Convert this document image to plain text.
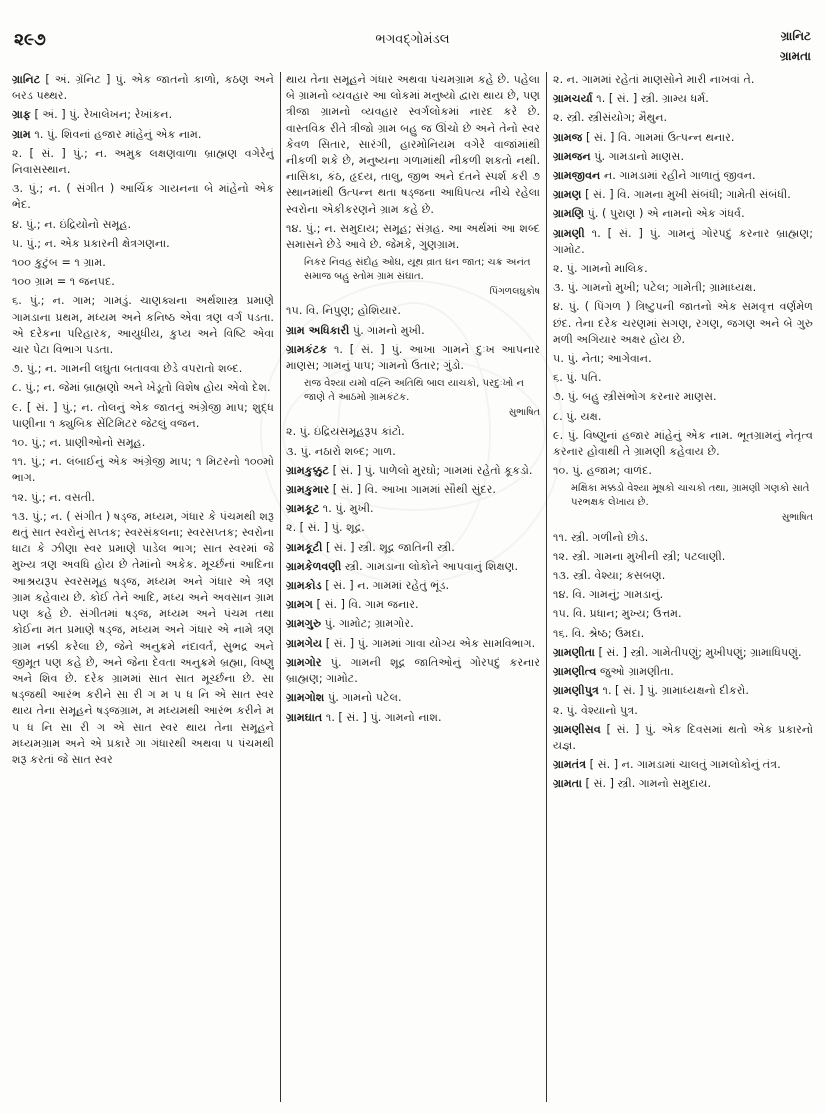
૨૯૭	ભગવદ્ગોમંડલ	ગ્રાનિટ
ગ્રામતા

ગ્રાનિટ [ અં. ગ્રૅનિટ ] પું. એક જાતનો કાળો, કઠણ અને બરડ પથ્થર.

ગ્રાફ [ અં. ] પું. રેખાલેખન; રેખાંકન.

ગ્રામ ૧. પું. શિવનાં હજાર માંહેનું એક નામ.

૨. [ સં. ] પું.; ન. અમુક લક્ષણવાળા બ્રાહ્મણ વગેરેનું નિવાસસ્થાન.

૩. પું.; ન. ( સંગીત ) આર્ચિક ગાયનના બે માંહેનો એક ભેદ.

૪. પું.; ન. ઇંદ્રિયોનો સમૂહ.

૫. પું.; ન. એક પ્રકારની ક્ષેત્રગણના.

૧૦૦ કુટુંબ = ૧ ગ્રામ.

૧૦૦ ગ્રામ = ૧ જનપદ.

૬. પું.; ન. ગામ; ગામડું. ચાણક્યના અર્થશાસ્ત્ર પ્રમાણે ગામડાના પ્રથમ, મધ્યમ અને કનિષ્ઠ એવા ત્રણ વર્ગ પડતા. એ દરેકના પરિહારક, આયુધીય, કુપ્ય અને વિષ્ટિ એવા ચાર પેટા વિભાગ પડતા.

૭. પું.; ન. ગામની લઘુતા બતાવવા છેડે વપરાતો શબ્દ.

૮. પું.; ન. જેમાં બ્રાહ્મણો અને ખેડૂતો વિશેષ હોય એવો દેશ.

૯. [ સં. ] પું.; ન. તોલનું એક જાતનું અંગ્રેજી માપ; શુદ્ધ પાણીના ૧ ક્યુબિક સેંટિમિટર જેટલું વજન.

૧૦. પું.; ન. પ્રાણીઓનો સમૂહ.

૧૧. પું.; ન. લંબાઈનું એક અંગ્રેજી માપ; ૧ મિટરનો ૧૦૦મો ભાગ.

૧૨. પું.; ન. વસતી.

૧૩. પું.; ન. ( સંગીત ) ષડ્જ, મધ્યમ, ગંધાર કે પંચમથી શરૂ થતું સાત સ્વરોનું સપ્તક; સ્વરસંકલના; સ્વરસપ્તક; સ્વરોના ધાટા કે ઝીણા સ્વર પ્રમાણે પાડેલ ભાગ; સાત સ્વરમાં જે મુખ્ય ત્રણ અવધિ હોય છે તેમાંનો અકેક. મૂર્ચ્છનાં આદિના આશ્રયરૂપ સ્વરસમૂહ ષડ્જ, મધ્યમ અને ગંધાર એ ત્રણ ગ્રામ કહેવાય છે. કોઈ તેને આદિ, મધ્ય અને અવસાન ગ્રામ પણ કહે છે. સંગીતમાં ષડ્જ, મધ્યમ અને પંચમ તથા કોઈના મત પ્રમાણે ષડ્જ, મધ્યમ અને ગંધાર એ નામે ત્રણ ગ્રામ નક્કી કરેલા છે, જેને અનુક્રમે નંદાવર્ત, સુભદ્ર અને જીમૂત પણ કહે છે, અને જેના દેવતા અનુક્રમે બ્રહ્મા, વિષ્ણુ અને શિવ છે. દરેક ગ્રામમાં સાત સાત મૂર્ચ્છના છે. સા ષડ્જથી આરંભ કરીને સા રી ગ મ પ ધ નિ એ સાત સ્વર થાય તેના સમૂહને ષડ્જગ્રામ, મ મધ્યમથી આરંભ કરીને મ પ ધ નિ સા રી ગ એ સાત સ્વર થાય તેના સમૂહને મધ્યમગ્રામ અને એ પ્રકારે ગા ગંધારથી અથવા પ પંચમથી શરૂ કરતાં જે સાત સ્વર

થાય તેના સમૂહને ગંધાર અથવા પંચમગ્રામ કહે છે. પહેલા બે ગ્રામનો વ્યવહાર આ લોકમાં મનુષ્યો દ્વારા થાય છે, પણ ત્રીજા ગ્રામનો વ્યવહાર સ્વર્ગલોકમાં નારદ કરે છે. વાસ્તવિક રીતે ત્રીજો ગ્રામ બહુ જ ઊંચો છે અને તેનો સ્વર કેવળ સિતાર, સારંગી, હારમોનિયમ વગેરે વાજાંમાંથી નીકળી શકે છે, મનુષ્યના ગળામાંથી નીકળી શકતો નથી. નાસિકા, કંઠ, હૃદય, તાલુ, જીભ અને દંતને સ્પર્શ કરી ૭ સ્થાનમાંથી ઉત્પન્ન થતા ષડ્જના આધિપત્ય નીચે રહેલા સ્વરોના એકીકરણને ગ્રામ કહે છે.

૧૪. પું.; ન. સમુદાય; સમૂહ; સંગ્રહ. આ અર્થમાં આ શબ્દ સમાસને છેડે આવે છે. જેમકે, ગુણગ્રામ.

નિકર નિવહ સંદોહ ઓઘ, યૂથ વ્રાત ઘન જાત; ચક્ર અનંત સમાજ બહુ સ્તોમ ગ્રામ સંઘાત.

પિંગળલઘુકોષ

૧૫. વિ. નિપુણ; હોશિયાર.

ગ્રામ અધિકારી પું. ગામનો મુખી.

ગ્રામકંટક ૧. [ સં. ] પું. આખા ગામને દુઃખ આપનાર માણસ; ગામનું પાપ; ગામનો ઉતાર; ગુંડો.

રાજ વેશ્યા યમો વહ્નિ અતિથિ બાલ યાચકો, પરદુઃખો ન જાણે તે આઠમો ગ્રામકંટક.

સુભાષિત

૨. પું. ઇંદ્રિયસમૂહરૂપ કાંટો.

૩. પું. નઠારો શબ્દ; ગાળ.

ગ્રામકુક્કુટ [ સં. ] પું. પાળેલો મુરઘો; ગામમાં રહેતો કૂકડો.

ગ્રામકુમાર [ સં. ] વિ. આખા ગામમાં સૌથી સુંદર.

ગ્રામકૂટ ૧. પું. મુખી.

૨. [ સં. ] પું. શૂદ્ર.

ગ્રામકૂટી [ સં. ] સ્ત્રી. શૂદ્ર જાતિની સ્ત્રી.

ગ્રામકેળવણી સ્ત્રી. ગામડાના લોકોને આપવાનું શિક્ષણ.

ગ્રામકોડ [ સં. ] ન. ગામમાં રહેતું ભૂંડ.

ગ્રામગ [ સં. ] વિ. ગામ જનાર.

ગ્રામગુરુ પું. ગામોટ; ગ્રામગોર.

ગ્રામગેય [ સં. ] પું. ગામમાં ગાવા યોગ્ય એક સામવિભાગ.

ગ્રામગોર પું. ગામની શૂદ્ર જાતિઓનું ગોરપદું કરનાર બ્રાહ્મણ; ગામોટ.

ગ્રામગોશ પું. ગામનો પટેલ.

ગ્રામઘાત ૧. [ સં. ] પું. ગામનો નાશ.

૨. ન. ગામમાં રહેતાં માણસોને મારી નાખવાં તે.

ગ્રામચર્યા ૧. [ સં. ] સ્ત્રી. ગ્રામ્ય ધર્મ.

૨. સ્ત્રી. સ્ત્રીસંયોગ; મૈથુન.

ગ્રામજ [ સં. ] વિ. ગામમાં ઉત્પન્ન થનાર.

ગ્રામજન પું. ગામડાનો માણસ.

ગ્રામજીવન ન. ગામડામાં રહીને ગાળાતું જીવન.

ગ્રામણ [ સં. ] વિ. ગામના મુખી સંબંધી; ગામેતી સંબંધી.

ગ્રામણિ પું. ( પુરાણ ) એ નામનો એક ગંધર્વ.

ગ્રામણી ૧. [ સં. ] પું. ગામનું ગોરપદું કરનાર બ્રાહ્મણ; ગામોટ.

૨. પું. ગામનો માલિક.

૩. પું. ગામનો મુખી; પટેલ; ગામેતી; ગ્રામાધ્યક્ષ.

૪. પું. ( પિંગળ ) ત્રિષ્ટુપની જાતનો એક સમવૃત્ત વર્ણમેળ છંદ. તેના દરેક ચરણમાં સગણ, રગણ, જગણ અને બે ગુરુ મળી અગિયાર અક્ષર હોય છે.

૫. પું. નેતા; આગેવાન.

૬. પું. પતિ.

૭. પું. બહુ સ્ત્રીસંભોગ કરનાર માણસ.

૮. પું. યક્ષ.

૯. પું. વિષ્ણુનાં હજાર માંહેનું એક નામ. ભૂતગ્રામનું નેતૃત્વ કરનાર હોવાથી તે ગ્રામણી કહેવાય છે.

૧૦. પું. હજામ; વાળંદ.

મક્ષિકા મક્કડો વેશ્યા મૂષકો ચાચકો તથા, ગ્રામણી ગણકો સાતે પરભક્ષક લેખાય છે.

સુભાષિત

૧૧. સ્ત્રી. ગળીનો છોડ.

૧૨. સ્ત્રી. ગામના મુખીની સ્ત્રી; પટલાણી.

૧૩. સ્ત્રી. વેશ્યા; કસબણ.

૧૪. વિ. ગામનું; ગામડાનું.

૧૫. વિ. પ્રધાન; મુખ્ય; ઉત્તમ.

૧૬. વિ. શ્રેષ્ઠ; ઉમદા.

ગ્રામણીતા [ સં. ] સ્ત્રી. ગામેતીપણું; મુખીપણું; ગ્રામાધિપણું.

ગ્રામણીત્વ જુઓ ગ્રામણીતા.

ગ્રામણીપુત્ર ૧. [ સં. ] પું. ગ્રામાધ્યક્ષનો દીકરો.

૨. પું. વેશ્યાનો પુત્ર.

ગ્રામણીસવ [ સં. ] પું. એક દિવસમાં થતો એક પ્રકારનો યજ્ઞ.

ગ્રામતંત્ર [ સં. ] ન. ગામડામાં ચાલતું ગામલોકોનું તંત્ર.

ગ્રામતા [ સં. ] સ્ત્રી. ગામનો સમુદાય.
